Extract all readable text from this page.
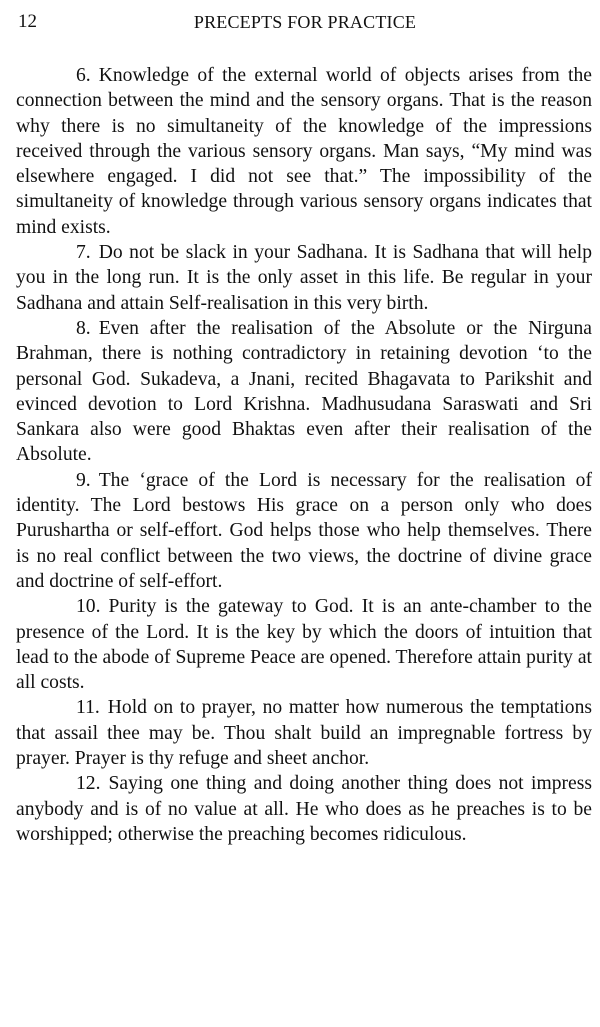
12	PRECEPTS FOR PRACTICE

6. Knowledge of the external world of objects arises from the connection between the mind and the sensory organs. That is the reason why there is no simultaneity of the knowledge of the impressions received through the various sensory organs. Man says, “My mind was elsewhere engaged. I did not see that.” The impossibility of the simultaneity of knowledge through various sensory organs indicates that mind exists.

7. Do not be slack in your Sadhana. It is Sadhana that will help you in the long run. It is the only asset in this life. Be regular in your Sadhana and attain Self-realisation in this very birth.

8. Even after the realisation of the Absolute or the Nirguna Brahman, there is nothing contradictory in retaining devotion ‘to the personal God. Sukadeva, a Jnani, recited Bhagavata to Parikshit and evinced devotion to Lord Krishna. Madhusudana Saraswati and Sri Sankara also were good Bhaktas even after their realisation of the Absolute.

9. The ‘grace of the Lord is necessary for the realisation of identity. The Lord bestows His grace on a person only who does Purushartha or self-effort. God helps those who help themselves. There is no real conflict between the two views, the doctrine of divine grace and doctrine of self-effort.

10. Purity is the gateway to God. It is an ante-chamber to the presence of the Lord. It is the key by which the doors of intuition that lead to the abode of Supreme Peace are opened. Therefore attain purity at all costs.

11. Hold on to prayer, no matter how numerous the temptations that assail thee may be. Thou shalt build an impregnable fortress by prayer. Prayer is thy refuge and sheet anchor.

12. Saying one thing and doing another thing does not impress anybody and is of no value at all. He who does as he preaches is to be worshipped; otherwise the preaching becomes ridiculous.
